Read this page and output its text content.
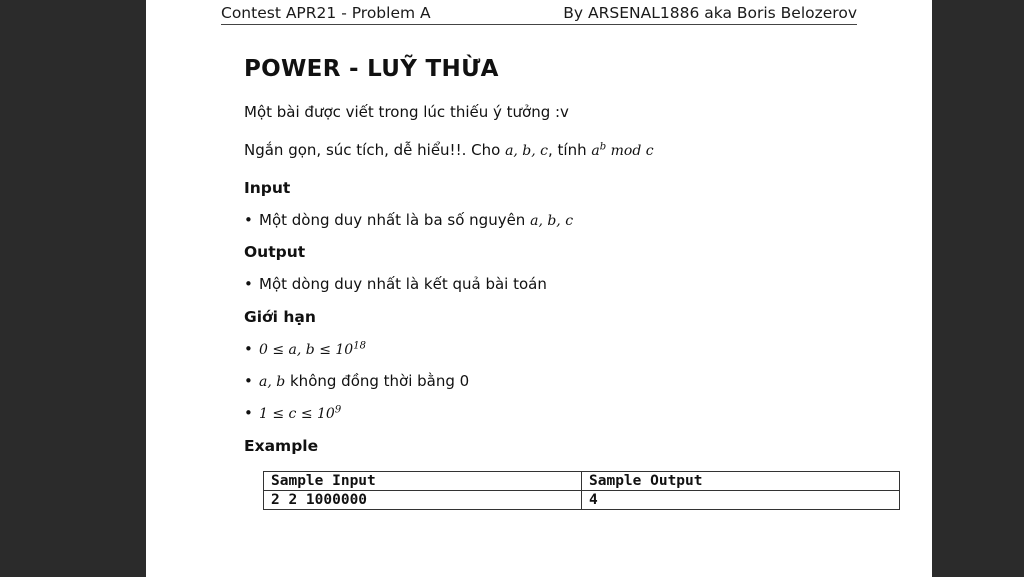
Contest APR21 - Problem A	By ARSENAL1886 aka Boris Belozerov
POWER - LUỸ THỪA

Một bài được viết trong lúc thiếu ý tưởng :v

Ngắn gọn, súc tích, dễ hiểu!!. Cho a, b, c, tính $a^b$ mod c

Input
• Một dòng duy nhất là ba số nguyên a, b, c
Output
• Một dòng duy nhất là kết quả bài toán
Giới hạn
• 0 ≤ a, $b \le 10^{18}$
• a, b không đồng thời bằng 0
• $1 \le c \le 10^9$
Example
Sample Input	Sample Output
2 2 1000000	4
